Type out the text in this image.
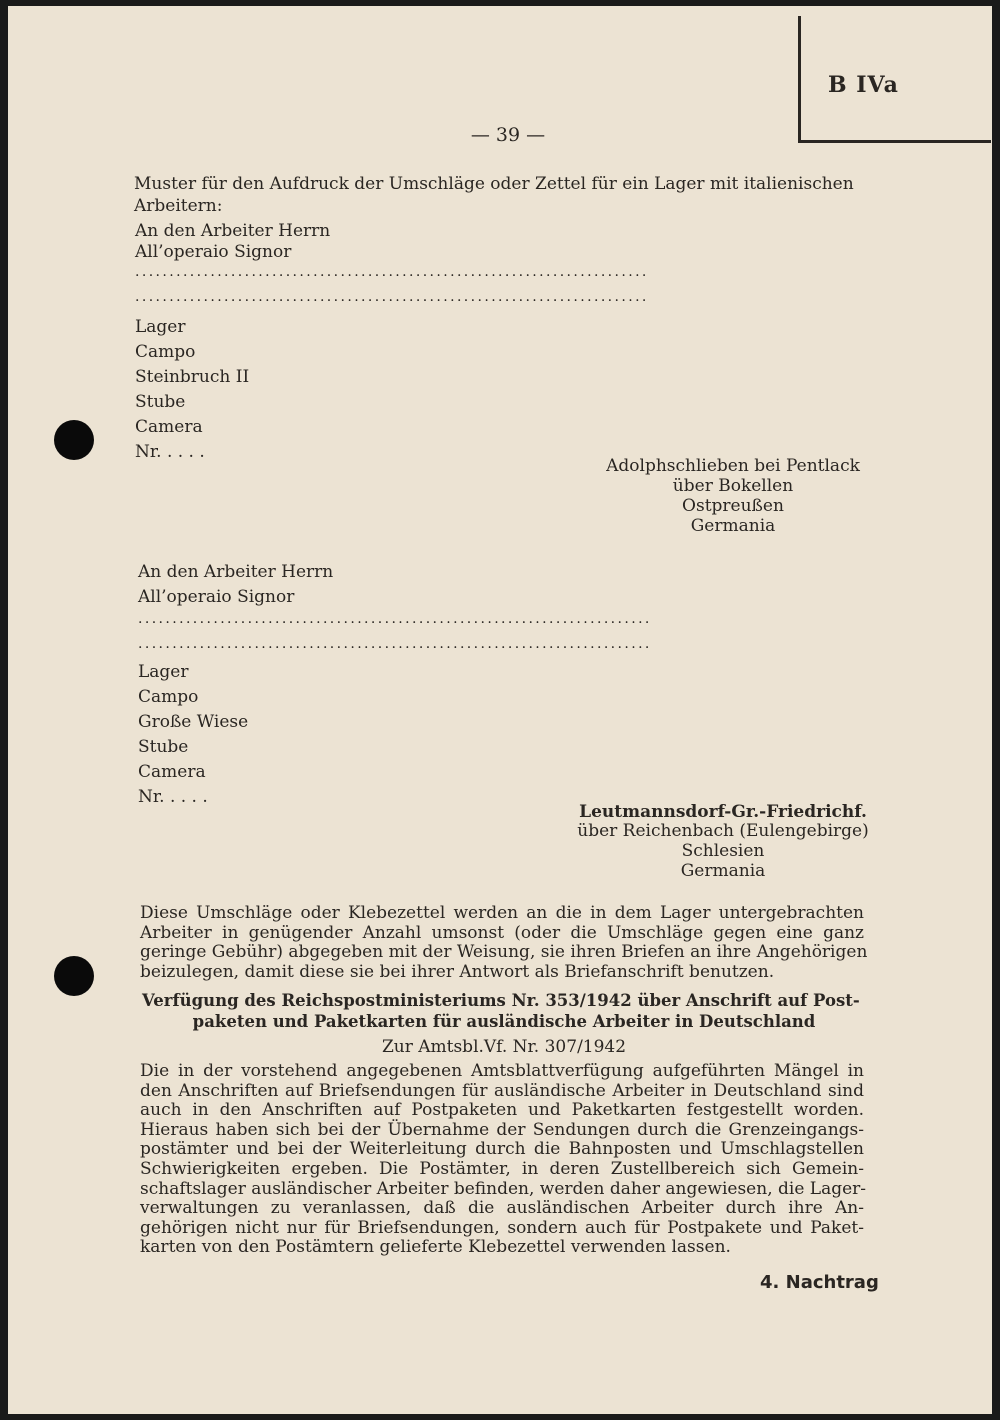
B IVa
— 39 —
Muster für den Aufdruck der Umschläge oder Zettel für ein Lager mit italienischen
Arbeitern:
An den Arbeiter Herrn
All’operaio Signor
...........................................................................
...........................................................................
Lager
Campo
Steinbruch II
Stube
Camera
Nr. . . . .
Adolphschlieben bei Pentlack
über Bokellen
Ostpreußen
Germania
An den Arbeiter Herrn
All’operaio Signor
...........................................................................
...........................................................................
Lager
Campo
Große Wiese
Stube
Camera
Nr. . . . .
Leutmannsdorf-Gr.-Friedrichf.
über Reichenbach (Eulengebirge)
Schlesien
Germania
Diese Umschläge oder Klebezettel werden an die in dem Lager untergebrachten
Arbeiter in genügender Anzahl umsonst (oder die Umschläge gegen eine ganz
geringe Gebühr) abgegeben mit der Weisung, sie ihren Briefen an ihre Angehörigen
beizulegen, damit diese sie bei ihrer Antwort als Briefanschrift benutzen.
Verfügung des Reichspostministeriums Nr. 353/1942 über Anschrift auf Post-
paketen und Paketkarten für ausländische Arbeiter in Deutschland
Zur Amtsbl.Vf. Nr. 307/1942
Die in der vorstehend angegebenen Amtsblattverfügung aufgeführten Mängel in
den Anschriften auf Briefsendungen für ausländische Arbeiter in Deutschland sind
auch in den Anschriften auf Postpaketen und Paketkarten festgestellt worden.
Hieraus haben sich bei der Übernahme der Sendungen durch die Grenzeingangs-
postämter und bei der Weiterleitung durch die Bahnposten und Umschlagstellen
Schwierigkeiten ergeben. Die Postämter, in deren Zustellbereich sich Gemein-
schaftslager ausländischer Arbeiter befinden, werden daher angewiesen, die Lager-
verwaltungen zu veranlassen, daß die ausländischen Arbeiter durch ihre An-
gehörigen nicht nur für Briefsendungen, sondern auch für Postpakete und Paket-
karten von den Postämtern gelieferte Klebezettel verwenden lassen.
4. Nachtrag
